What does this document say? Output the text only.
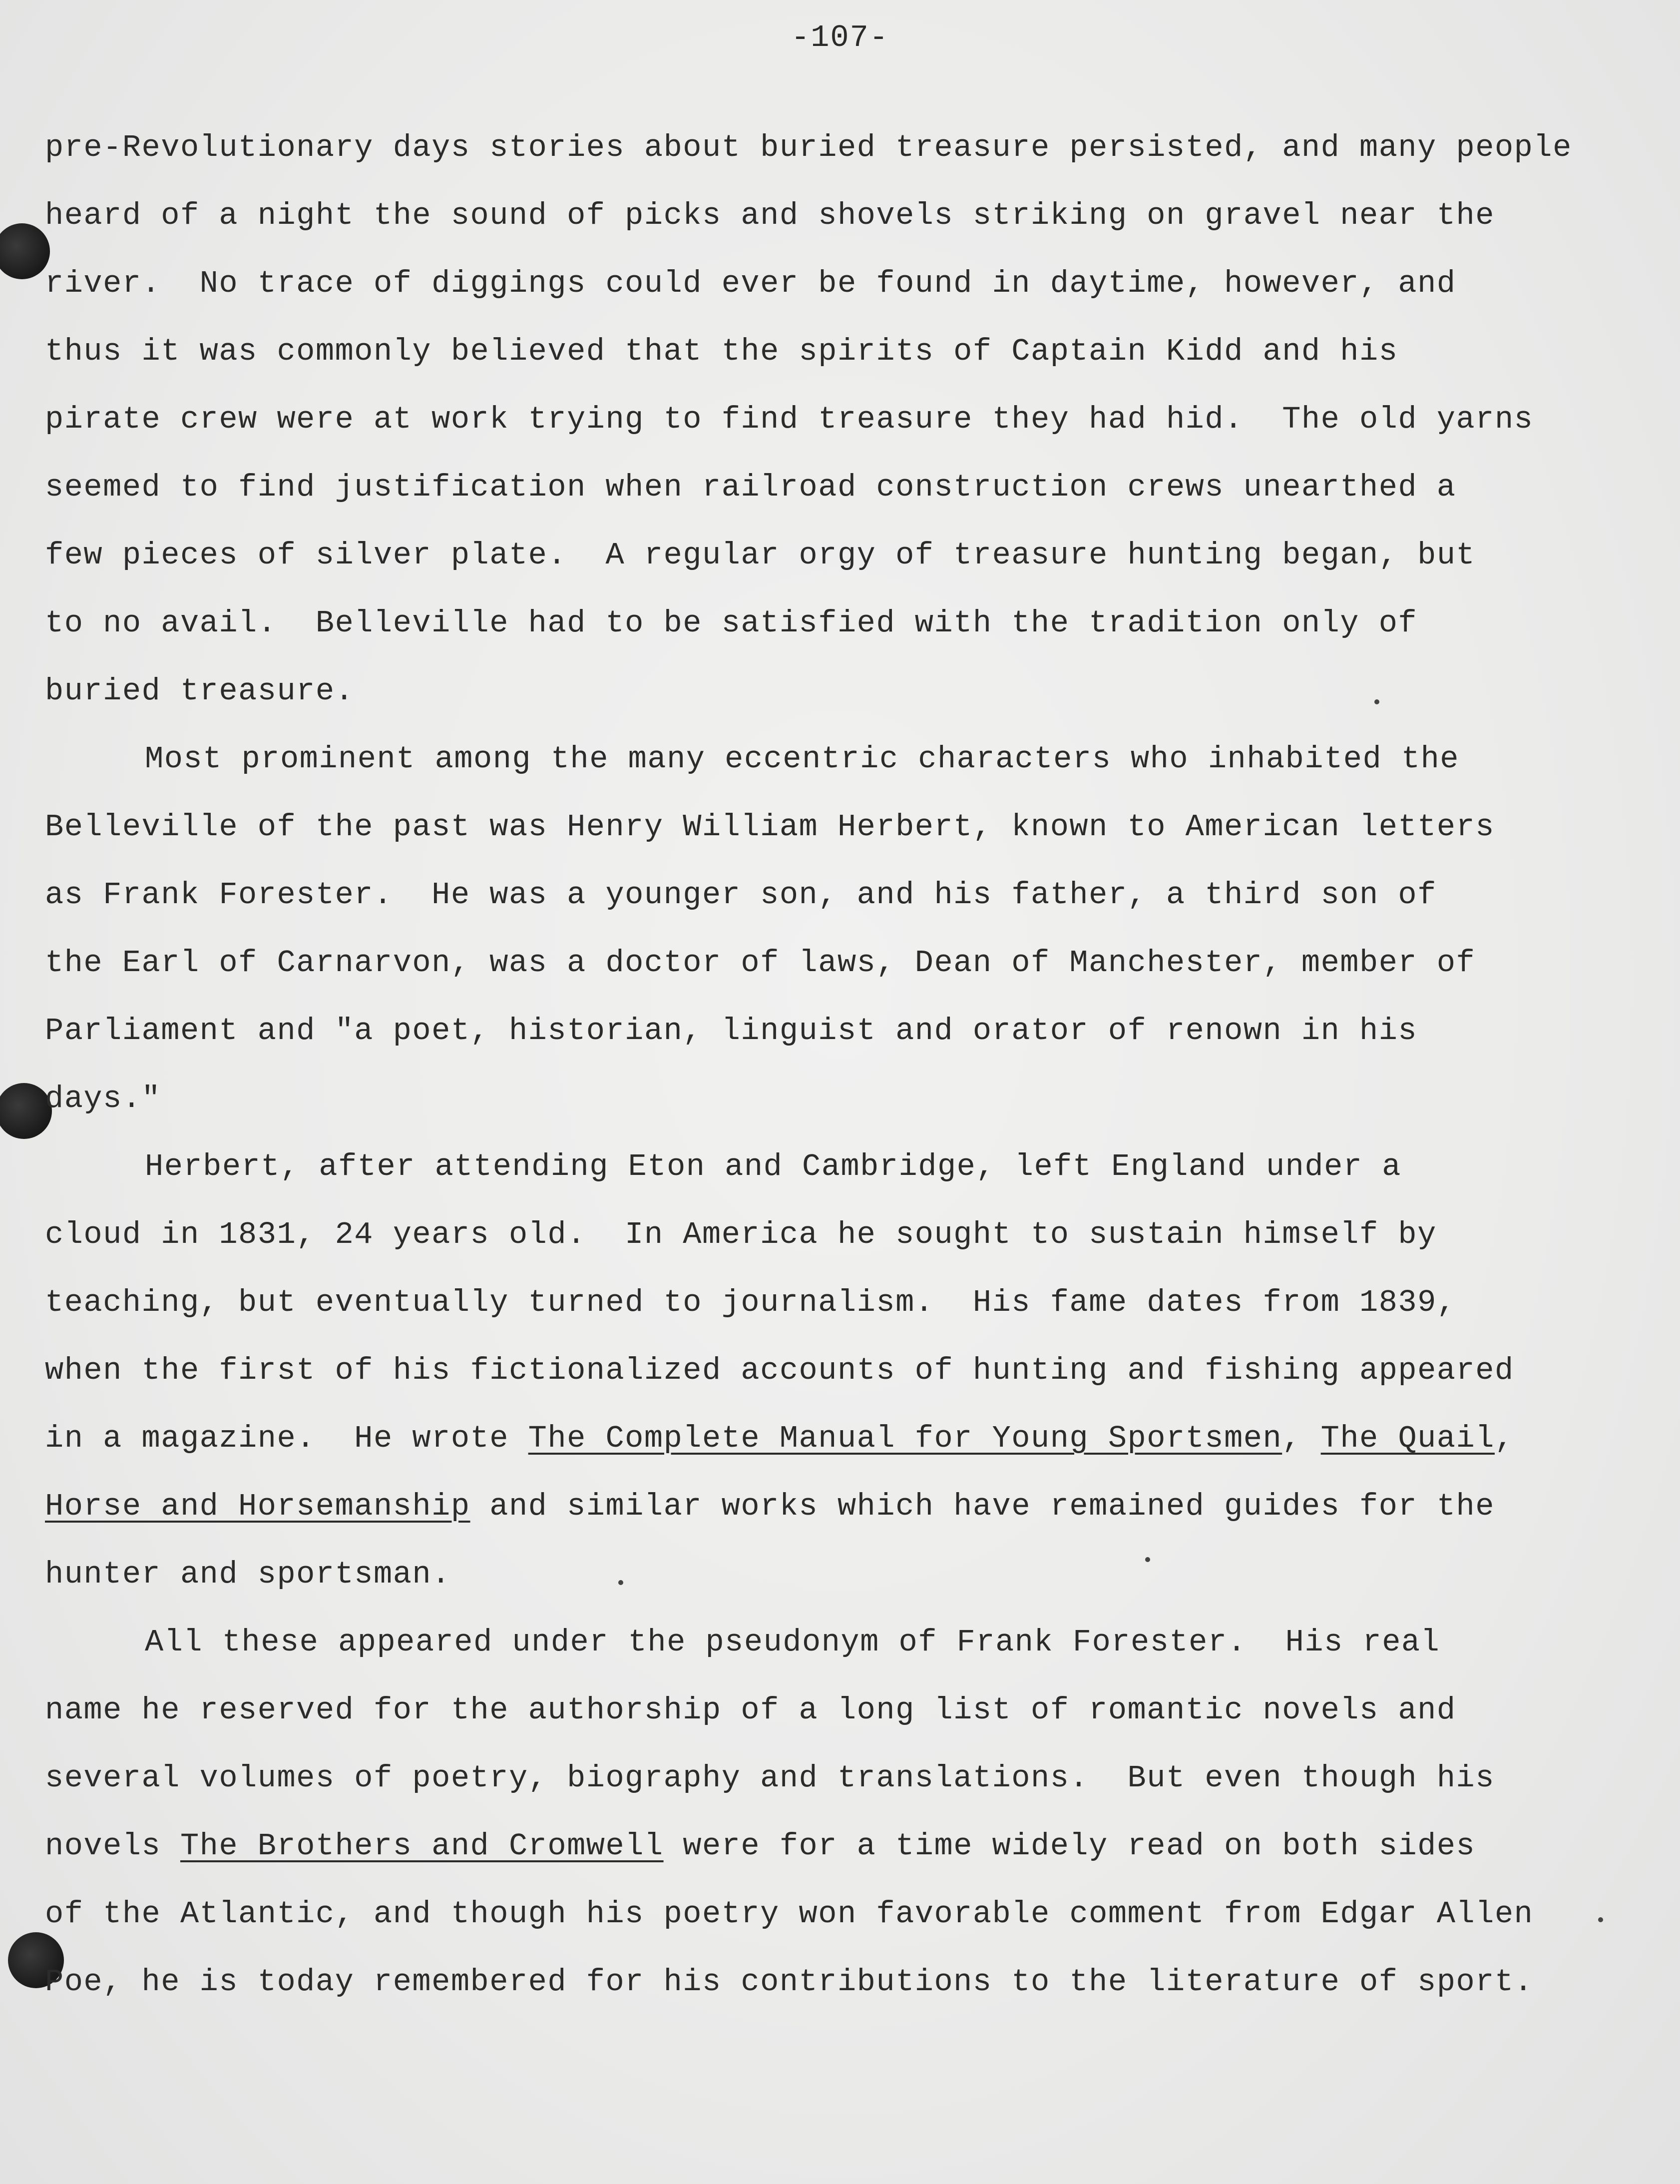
-107-
pre-Revolutionary days stories about buried treasure persisted, and many people
heard of a night the sound of picks and shovels striking on gravel near the
river.  No trace of diggings could ever be found in daytime, however, and
thus it was commonly believed that the spirits of Captain Kidd and his
pirate crew were at work trying to find treasure they had hid.  The old yarns
seemed to find justification when railroad construction crews unearthed a
few pieces of silver plate.  A regular orgy of treasure hunting began, but
to no avail.  Belleville had to be satisfied with the tradition only of
buried treasure.
Most prominent among the many eccentric characters who inhabited the
Belleville of the past was Henry William Herbert, known to American letters
as Frank Forester.  He was a younger son, and his father, a third son of
the Earl of Carnarvon, was a doctor of laws, Dean of Manchester, member of
Parliament and "a poet, historian, linguist and orator of renown in his
days."
Herbert, after attending Eton and Cambridge, left England under a
cloud in 1831, 24 years old.  In America he sought to sustain himself by
teaching, but eventually turned to journalism.  His fame dates from 1839,
when the first of his fictionalized accounts of hunting and fishing appeared
in a magazine.  He wrote The Complete Manual for Young Sportsmen, The Quail,
Horse and Horsemanship and similar works which have remained guides for the
hunter and sportsman.
All these appeared under the pseudonym of Frank Forester.  His real
name he reserved for the authorship of a long list of romantic novels and
several volumes of poetry, biography and translations.  But even though his
novels The Brothers and Cromwell were for a time widely read on both sides
of the Atlantic, and though his poetry won favorable comment from Edgar Allen
Poe, he is today remembered for his contributions to the literature of sport.
